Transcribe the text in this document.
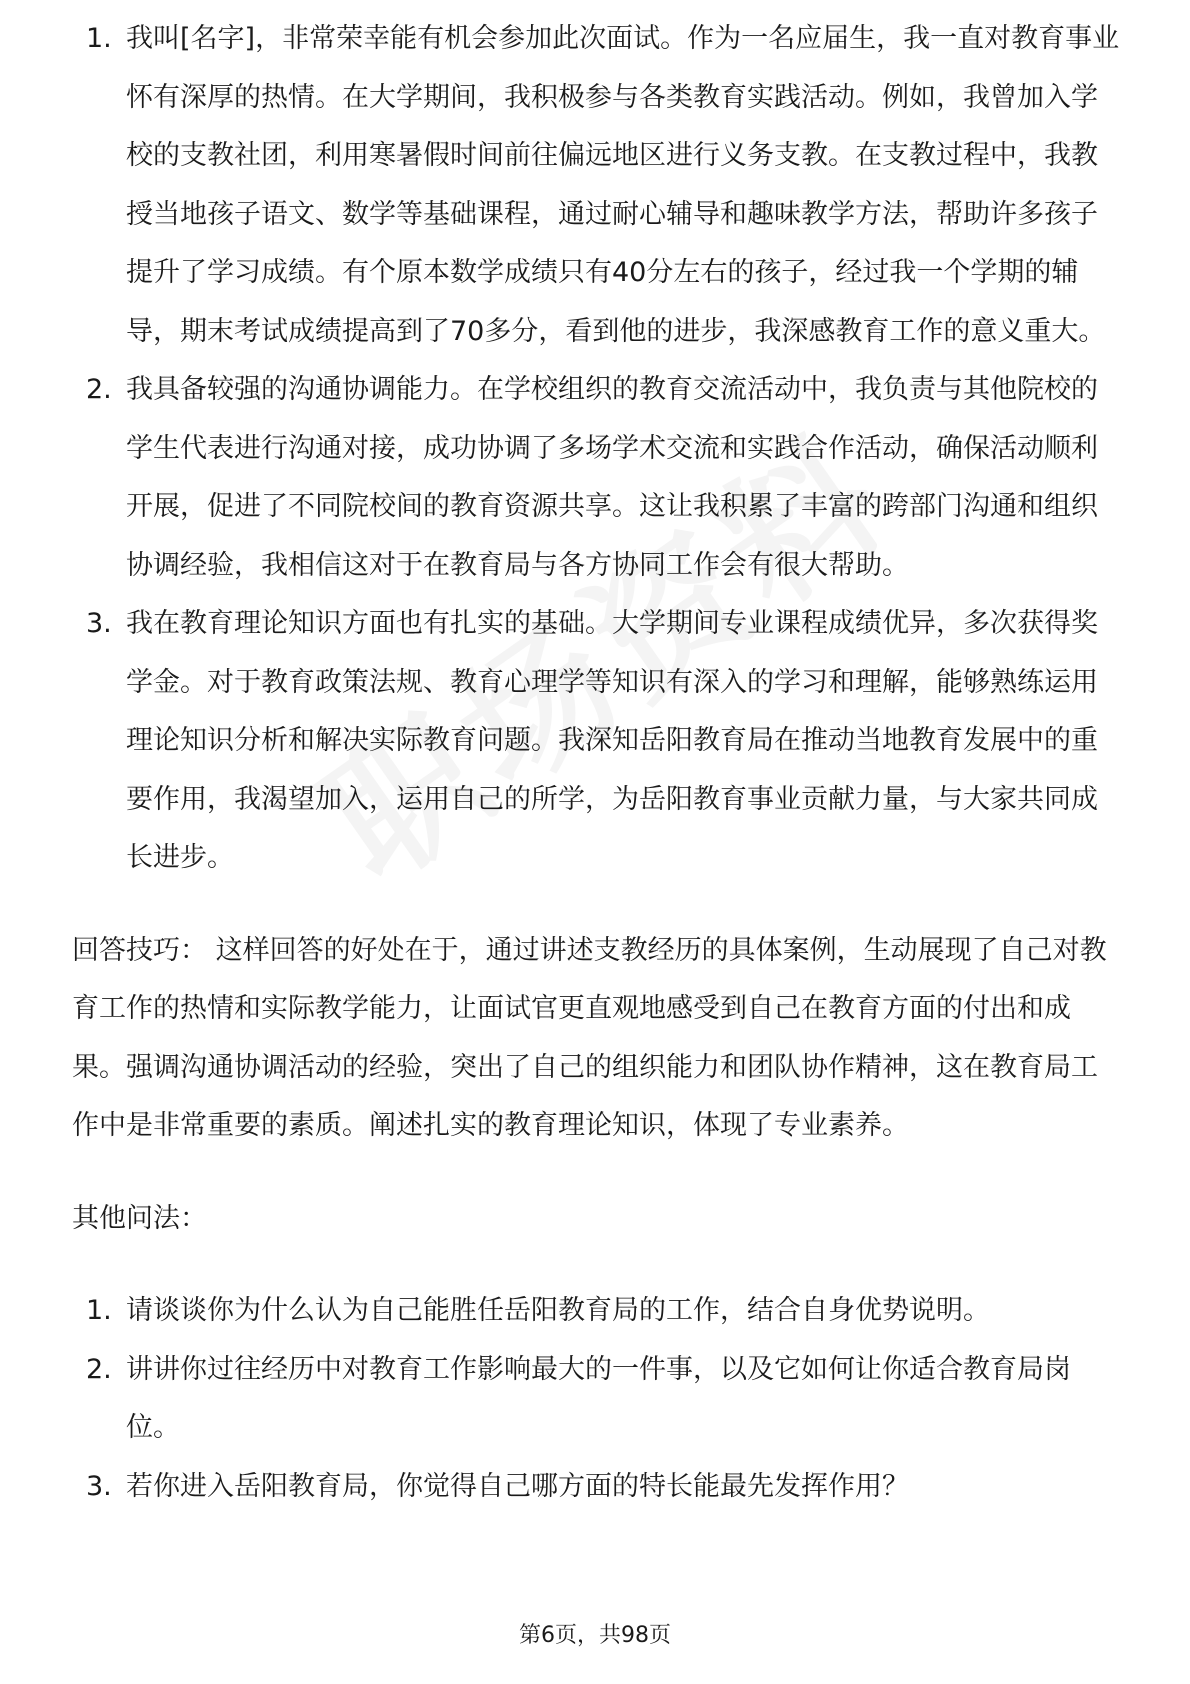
1. 我叫[名字]，非常荣幸能有机会参加此次面试。作为一名应届生，我一直对教育事业怀有深厚的热情。在大学期间，我积极参与各类教育实践活动。例如，我曾加入学校的支教社团，利用寒暑假时间前往偏远地区进行义务支教。在支教过程中，我教授当地孩子语文、数学等基础课程，通过耐心辅导和趣味教学方法，帮助许多孩子提升了学习成绩。有个原本数学成绩只有40分左右的孩子，经过我一个学期的辅导，期末考试成绩提高到了70多分，看到他的进步，我深感教育工作的意义重大。
2. 我具备较强的沟通协调能力。在学校组织的教育交流活动中，我负责与其他院校的学生代表进行沟通对接，成功协调了多场学术交流和实践合作活动，确保活动顺利开展，促进了不同院校间的教育资源共享。这让我积累了丰富的跨部门沟通和组织协调经验，我相信这对于在教育局与各方协同工作会有很大帮助。
3. 我在教育理论知识方面也有扎实的基础。大学期间专业课程成绩优异，多次获得奖学金。对于教育政策法规、教育心理学等知识有深入的学习和理解，能够熟练运用理论知识分析和解决实际教育问题。我深知岳阳教育局在推动当地教育发展中的重要作用，我渴望加入，运用自己的所学，为岳阳教育事业贡献力量，与大家共同成长进步。

回答技巧： 这样回答的好处在于，通过讲述支教经历的具体案例，生动展现了自己对教育工作的热情和实际教学能力，让面试官更直观地感受到自己在教育方面的付出和成果。强调沟通协调活动的经验，突出了自己的组织能力和团队协作精神，这在教育局工作中是非常重要的素质。阐述扎实的教育理论知识，体现了专业素养。

其他问法：

1. 请谈谈你为什么认为自己能胜任岳阳教育局的工作，结合自身优势说明。
2. 讲讲你过往经历中对教育工作影响最大的一件事，以及它如何让你适合教育局岗位。
3. 若你进入岳阳教育局，你觉得自己哪方面的特长能最先发挥作用？
第6页，共98页
